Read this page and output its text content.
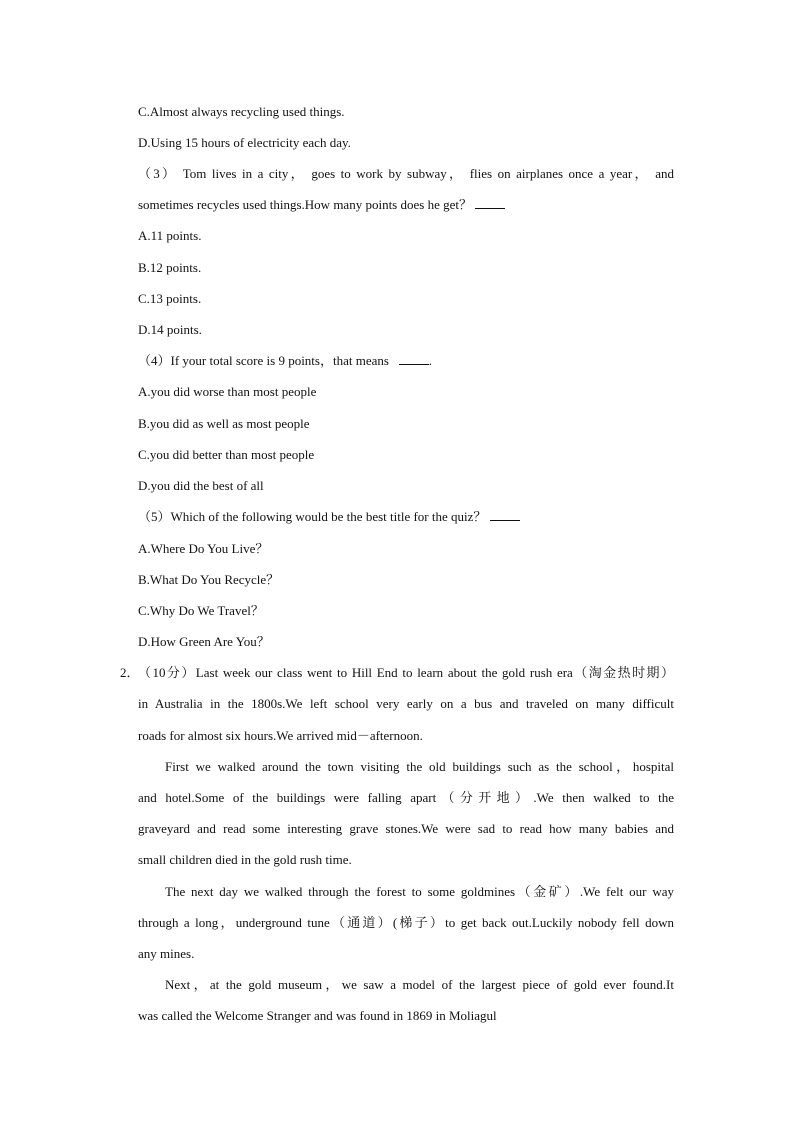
C.Almost always recycling used things.
D.Using 15 hours of electricity each day.
（3） Tom lives in a city， goes to work by subway， flies on airplanes once a year， and
sometimes recycles used things.How many points does he get？
A.11 points.
B.12 points.
C.13 points.
D.14 points.
（4）If your total score is 9 points，that means	.
A.you did worse than most people
B.you did as well as most people
C.you did better than most people
D.you did the best of all
（5）Which of the following would be the best title for the quiz？
A.Where Do You Live？
B.What Do You Recycle？
C.Why Do We Travel？
D.How Green Are You？
2．
（10分）Last week our class went to Hill End to learn about the gold rush era（淘金热时期）
in Australia in the 1800s.We left school very early on a bus and traveled on many difficult
roads for almost six hours.We arrived mid－afternoon.
First we walked around the town visiting the old buildings such as the school，hospital
and hotel.Some of the buildings were falling apart（分开地）.We then walked to the
graveyard and read some interesting grave stones.We were sad to read how many babies and
small children died in the gold rush time.
The next day we walked through the forest to some goldmines（金矿）.We felt our way
through a long，underground tune（通道）(梯子）to get back out.Luckily nobody fell down
any mines.
Next，at the gold museum，we saw a model of the largest piece of gold ever found.It
was called the Welcome Stranger and was found in 1869 in Moliagul
